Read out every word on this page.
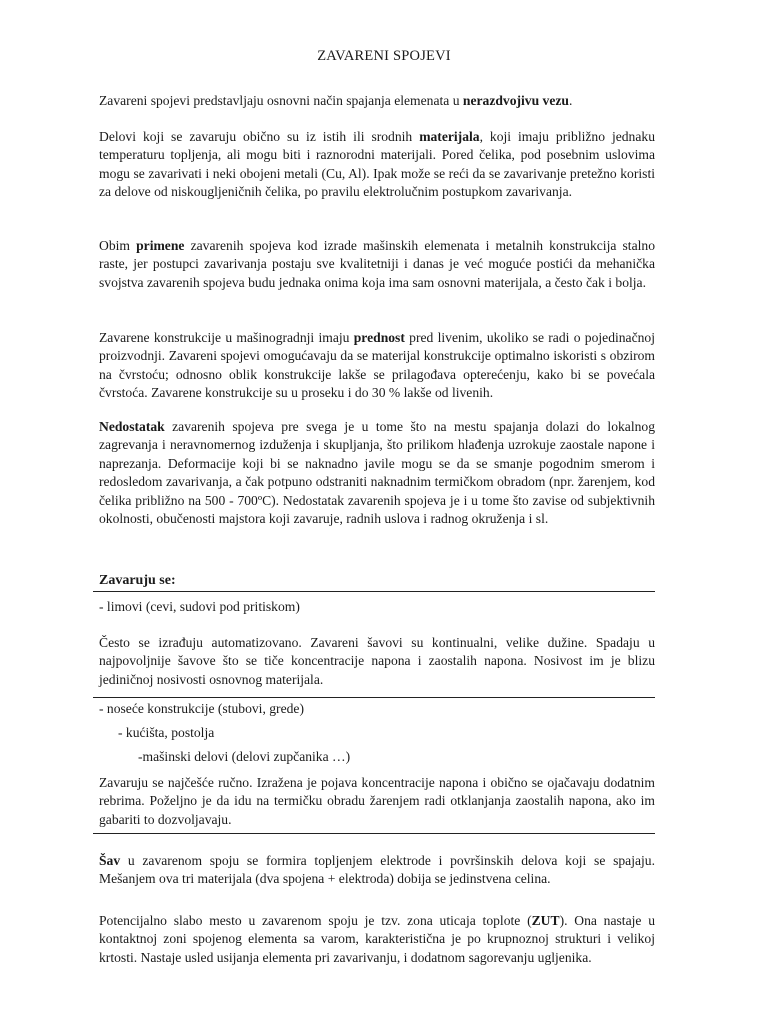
ZAVARENI SPOJEVI
Zavareni spojevi predstavljaju osnovni način spajanja elemenata u nerazdvojivu vezu.
Delovi koji se zavaruju obično su iz istih ili srodnih materijala, koji imaju približno jednaku temperaturu topljenja, ali mogu biti i raznorodni materijali. Pored čelika, pod posebnim uslovima mogu se zavarivati i neki obojeni metali (Cu, Al). Ipak može se reći da se zavarivanje pretežno koristi za delove od niskougljeničnih čelika, po pravilu elektrolučnim postupkom zavarivanja.
Obim primene zavarenih spojeva kod izrade mašinskih elemenata i metalnih konstrukcija stalno raste, jer postupci zavarivanja postaju sve kvalitetniji i danas je već moguće postići da mehanička svojstva zavarenih spojeva budu jednaka onima koja ima sam osnovni materijala, a često čak i bolja.
Zavarene konstrukcije u mašinogradnji imaju prednost pred livenim, ukoliko se radi o pojedinačnoj proizvodnji. Zavareni spojevi omogućavaju da se materijal konstrukcije optimalno iskoristi s obzirom na čvrstoću; odnosno oblik konstrukcije lakše se prilagođava opterećenju, kako bi se povećala čvrstoća. Zavarene konstrukcije su u proseku i do 30 % lakše od livenih.
Nedostatak zavarenih spojeva pre svega je u tome što na mestu spajanja dolazi do lokalnog zagrevanja i neravnomernog izduženja i skupljanja, što prilikom hlađenja uzrokuje zaostale napone i naprezanja. Deformacije koji bi se naknadno javile mogu se da se smanje pogodnim smerom i redosledom zavarivanja, a čak potpuno odstraniti naknadnim termičkom obradom (npr. žarenjem, kod čelika približno na 500 - 700ºC). Nedostatak zavarenih spojeva je i u tome što zavise od subjektivnih okolnosti, obučenosti majstora koji zavaruje, radnih uslova i radnog okruženja i sl.
Zavaruju se:
- limovi (cevi, sudovi pod pritiskom)
Često se izrađuju automatizovano. Zavareni šavovi su kontinualni, velike dužine. Spadaju u najpovoljnije šavove što se tiče koncentracije napona i zaostalih napona. Nosivost im je blizu jediničnoj nosivosti osnovnog materijala.
- noseće konstrukcije (stubovi, grede)
- kućišta, postolja
-mašinski delovi (delovi zupčanika …)
Zavaruju se najčešće ručno. Izražena je pojava koncentracije napona i obično se ojačavaju dodatnim rebrima. Poželjno je da idu na termičku obradu žarenjem radi otklanjanja zaostalih napona, ako im gabariti to dozvoljavaju.
Šav u zavarenom spoju se formira topljenjem elektrode i površinskih delova koji se spajaju. Mešanjem ova tri materijala (dva spojena + elektroda) dobija se jedinstvena celina.
Potencijalno slabo mesto u zavarenom spoju je tzv. zona uticaja toplote (ZUT). Ona nastaje u kontaktnoj zoni spojenog elementa sa varom, karakteristična je po krupnoznoj strukturi i velikoj krtosti. Nastaje usled usijanja elementa pri zavarivanju, i dodatnom sagorevanju ugljenika.
